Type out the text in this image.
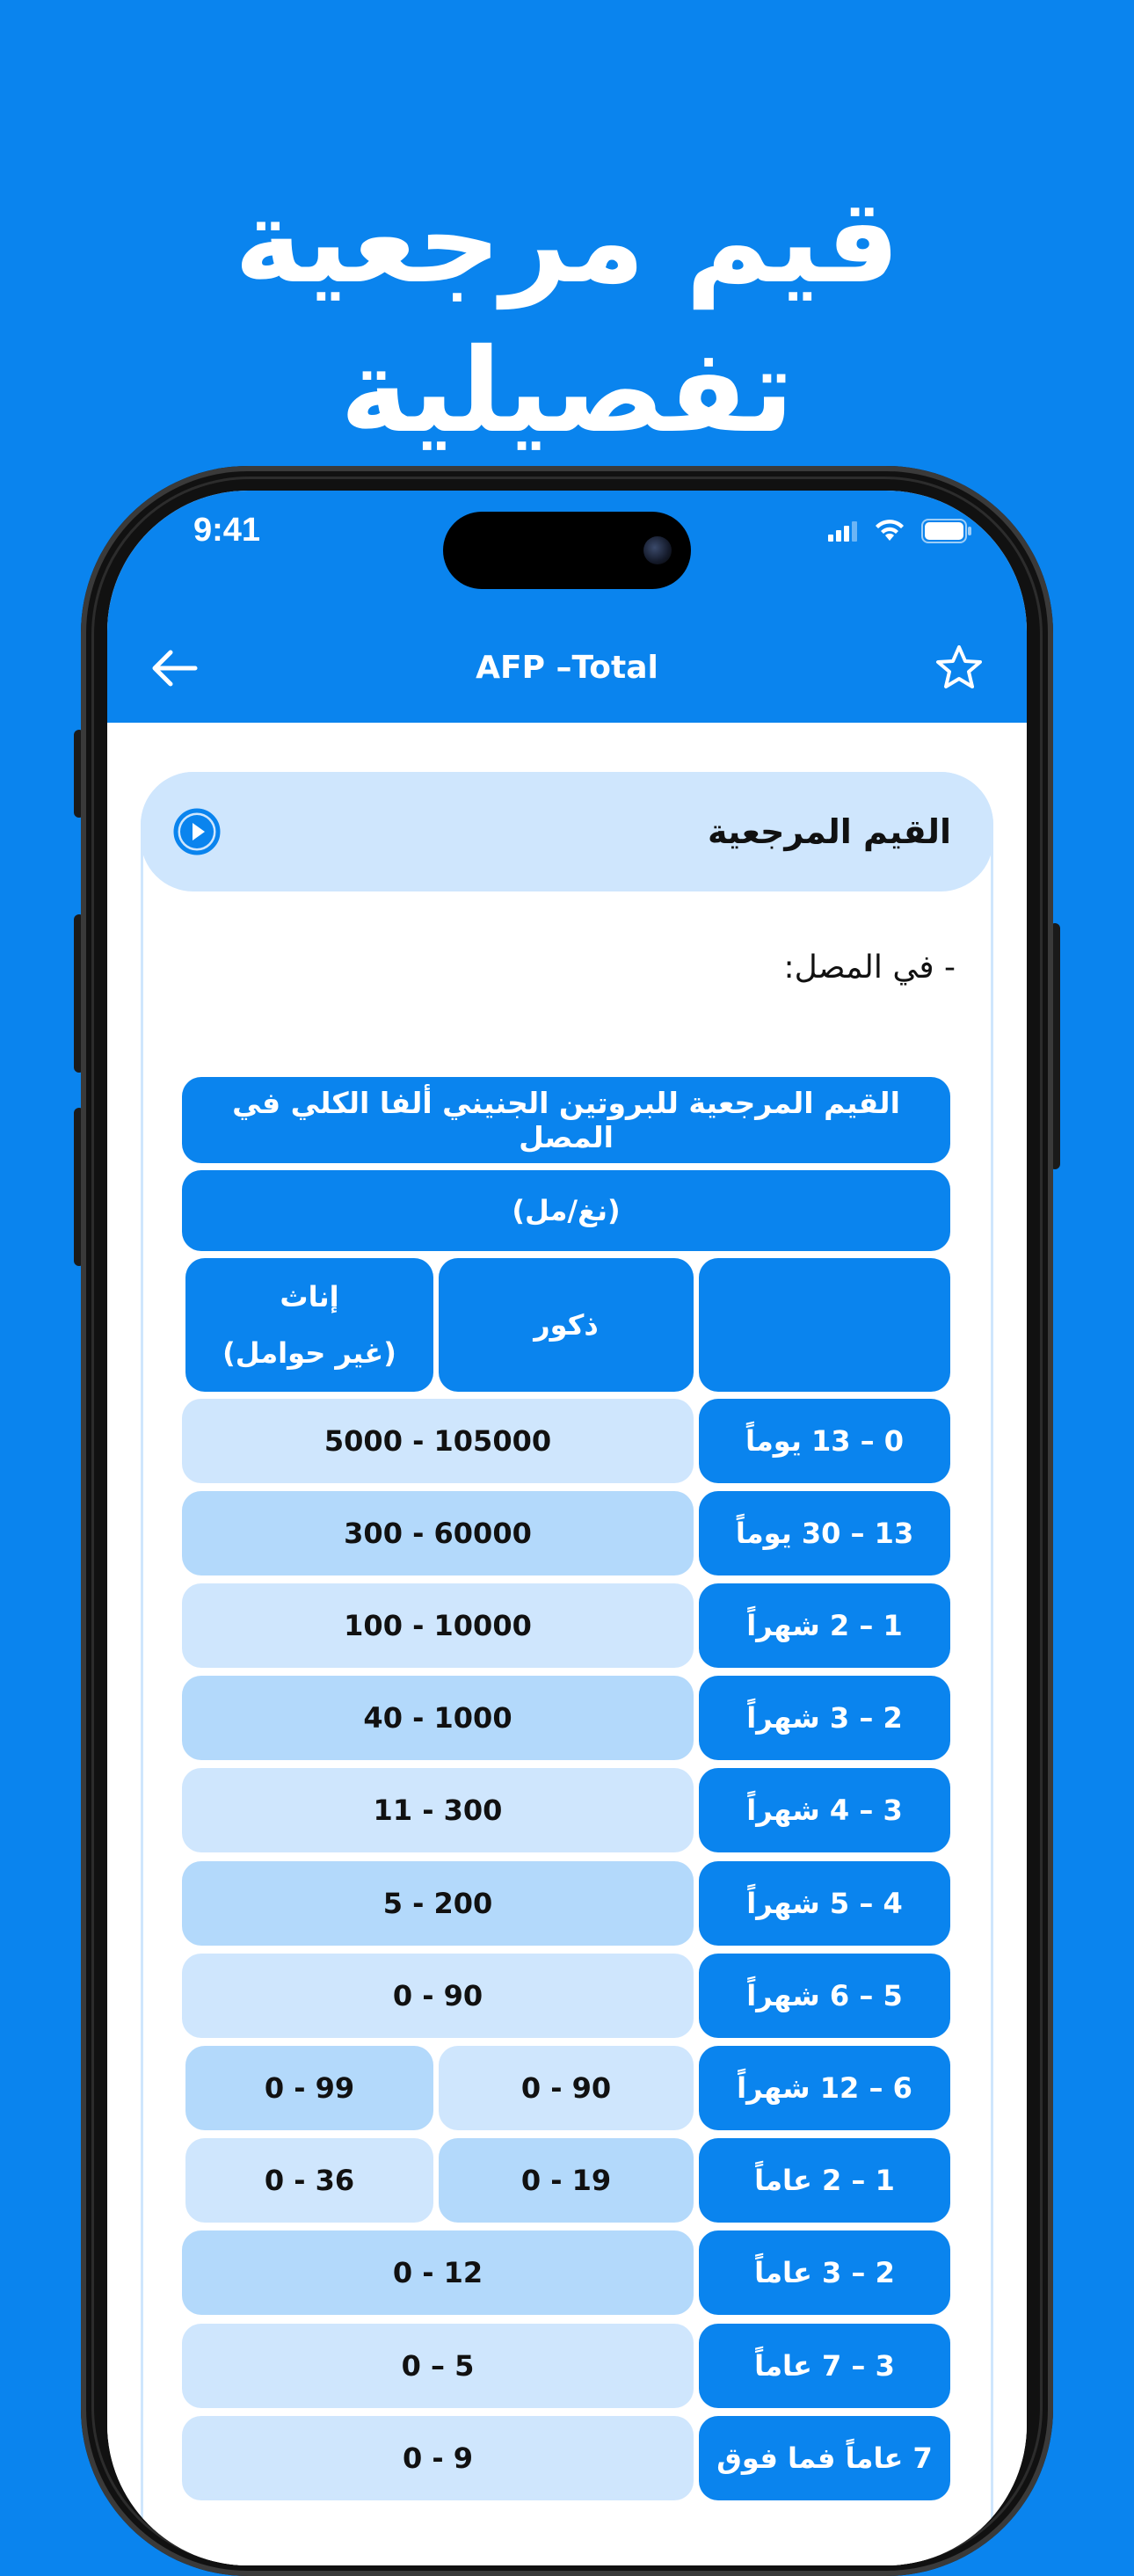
قيم مرجعية تفصيلية
9:41
AFP –Total
القيم المرجعية
- في المصل:
القيم المرجعية للبروتين الجنيني ألفا الكلي في المصل
(نغ/مل)
ذكور
إناث
(غير حوامل)
0 – 13 يوماً
5000 - 105000
13 – 30 يوماً
300 - 60000
1 – 2 شهراً
100 - 10000
2 – 3 شهراً
40 - 1000
3 – 4 شهراً
11 - 300
4 – 5 شهراً
5 - 200
5 – 6 شهراً
0 - 90
6 – 12 شهراً
0 - 90
0 - 99
1 – 2 عاماً
0 - 19
0 - 36
2 – 3 عاماً
0 - 12
3 – 7 عاماً
0 – 5
7 عاماً فما فوق
0 - 9
